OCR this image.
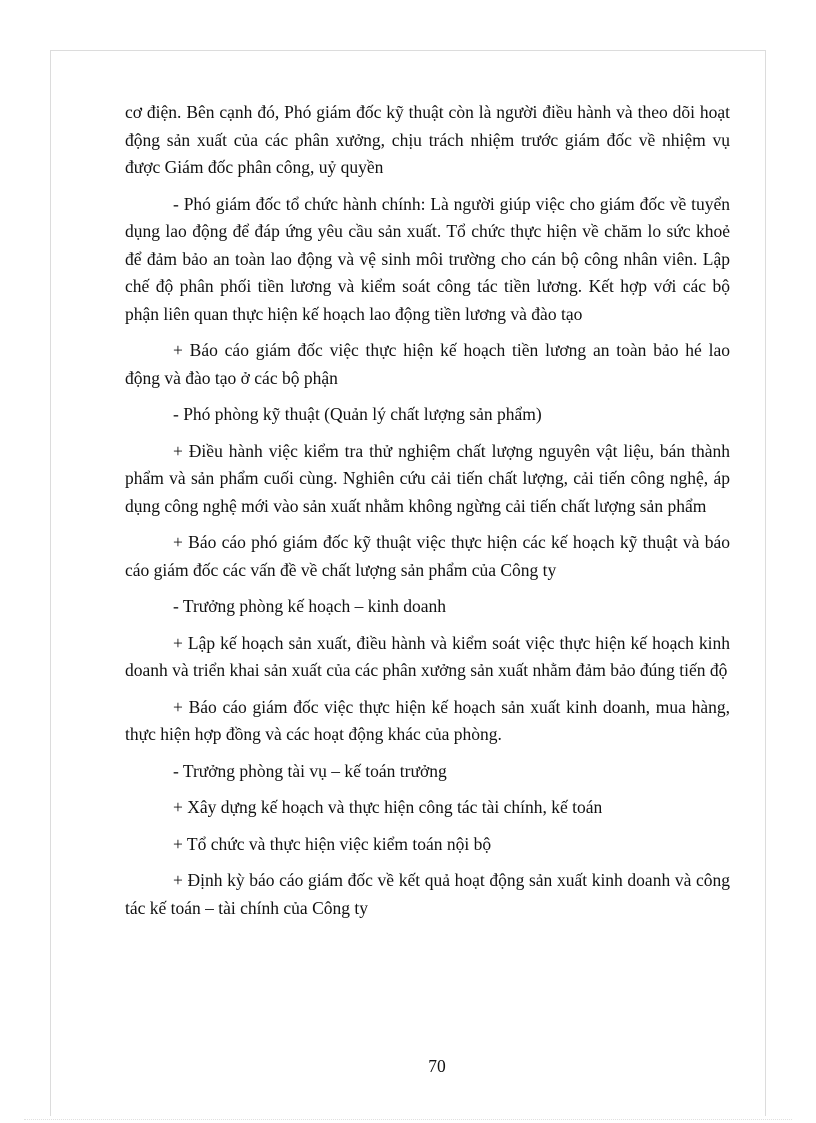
cơ điện. Bên cạnh đó, Phó giám đốc kỹ thuật còn là người điều hành và theo dõi hoạt động sản xuất của các phân xưởng, chịu trách nhiệm trước giám đốc về nhiệm vụ được Giám đốc phân công, uỷ quyền

- Phó giám đốc tổ chức hành chính: Là người giúp việc cho giám đốc về tuyển dụng lao động để đáp ứng yêu cầu sản xuất. Tổ chức thực hiện về chăm lo sức khoẻ để đảm bảo an toàn lao động và vệ sinh môi trường cho cán bộ công nhân viên. Lập chế độ phân phối tiền lương và kiểm soát công tác tiền lương. Kết hợp với các bộ phận liên quan thực hiện kế hoạch lao động tiền lương và đào tạo

+ Báo cáo giám đốc việc thực hiện kế hoạch tiền lương an toàn bảo hé lao động và đào tạo ở các bộ phận

- Phó phòng kỹ thuật (Quản lý chất lượng sản phẩm)

+ Điều hành việc kiểm tra thử nghiệm chất lượng nguyên vật liệu, bán thành phẩm và sản phẩm cuối cùng. Nghiên cứu cải tiến chất lượng, cải tiến công nghệ, áp dụng công nghệ mới vào sản xuất nhằm không ngừng cải tiến chất lượng sản phẩm

+ Báo cáo phó giám đốc kỹ thuật việc thực hiện các kế hoạch kỹ thuật và báo cáo giám đốc các vấn đề về chất lượng sản phẩm của Công ty

- Trưởng phòng kế hoạch – kinh doanh

+ Lập kế hoạch sản xuất, điều hành và kiểm soát việc thực hiện kế hoạch kinh doanh và triển khai sản xuất của các phân xưởng sản xuất nhằm đảm bảo đúng tiến độ

+ Báo cáo giám đốc việc thực hiện kế hoạch sản xuất kinh doanh, mua hàng, thực hiện hợp đồng và các hoạt động khác của phòng.

- Trưởng phòng tài vụ – kế toán trưởng

+ Xây dựng kế hoạch và thực hiện công tác tài chính, kế toán

+ Tổ chức và thực hiện việc kiểm toán nội bộ

+ Định kỳ báo cáo giám đốc về kết quả hoạt động sản xuất kinh doanh và công tác kế toán – tài chính của Công ty

70
